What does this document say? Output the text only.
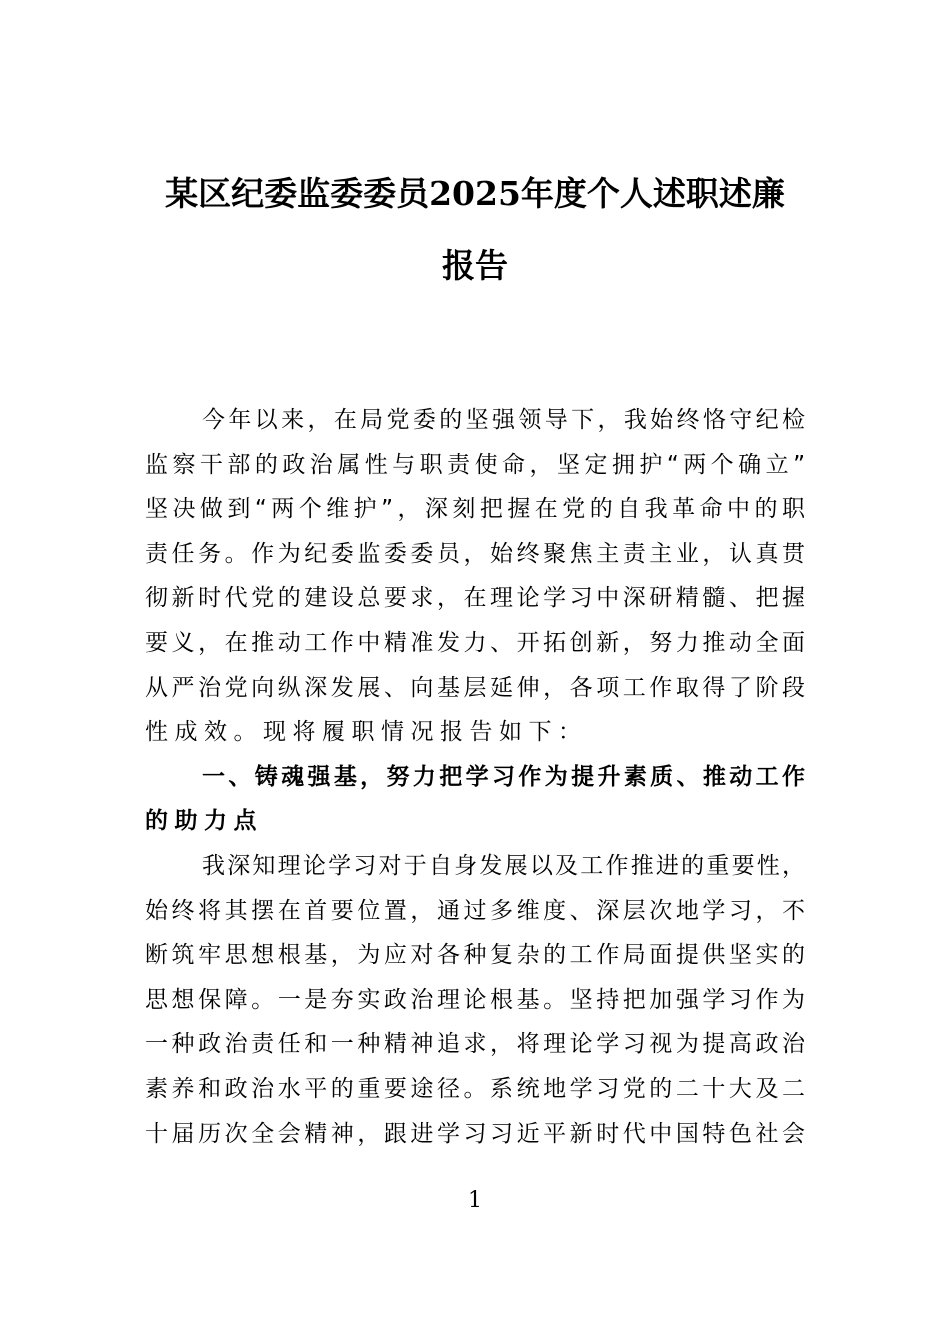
某区纪委监委委员2025年度个人述职述廉
报告
今年以来，在局党委的坚强领导下，我始终恪守纪检
监察干部的政治属性与职责使命，坚定拥护“两个确立”
坚决做到“两个维护”，深刻把握在党的自我革命中的职
责任务。作为纪委监委委员，始终聚焦主责主业，认真贯
彻新时代党的建设总要求，在理论学习中深研精髓、把握
要义，在推动工作中精准发力、开拓创新，努力推动全面
从严治党向纵深发展、向基层延伸，各项工作取得了阶段
性成效。现将履职情况报告如下：
一、铸魂强基，努力把学习作为提升素质、推动工作
的助力点
我深知理论学习对于自身发展以及工作推进的重要性，
始终将其摆在首要位置，通过多维度、深层次地学习，不
断筑牢思想根基，为应对各种复杂的工作局面提供坚实的
思想保障。一是夯实政治理论根基。坚持把加强学习作为
一种政治责任和一种精神追求，将理论学习视为提高政治
素养和政治水平的重要途径。系统地学习党的二十大及二
十届历次全会精神，跟进学习习近平新时代中国特色社会
1
